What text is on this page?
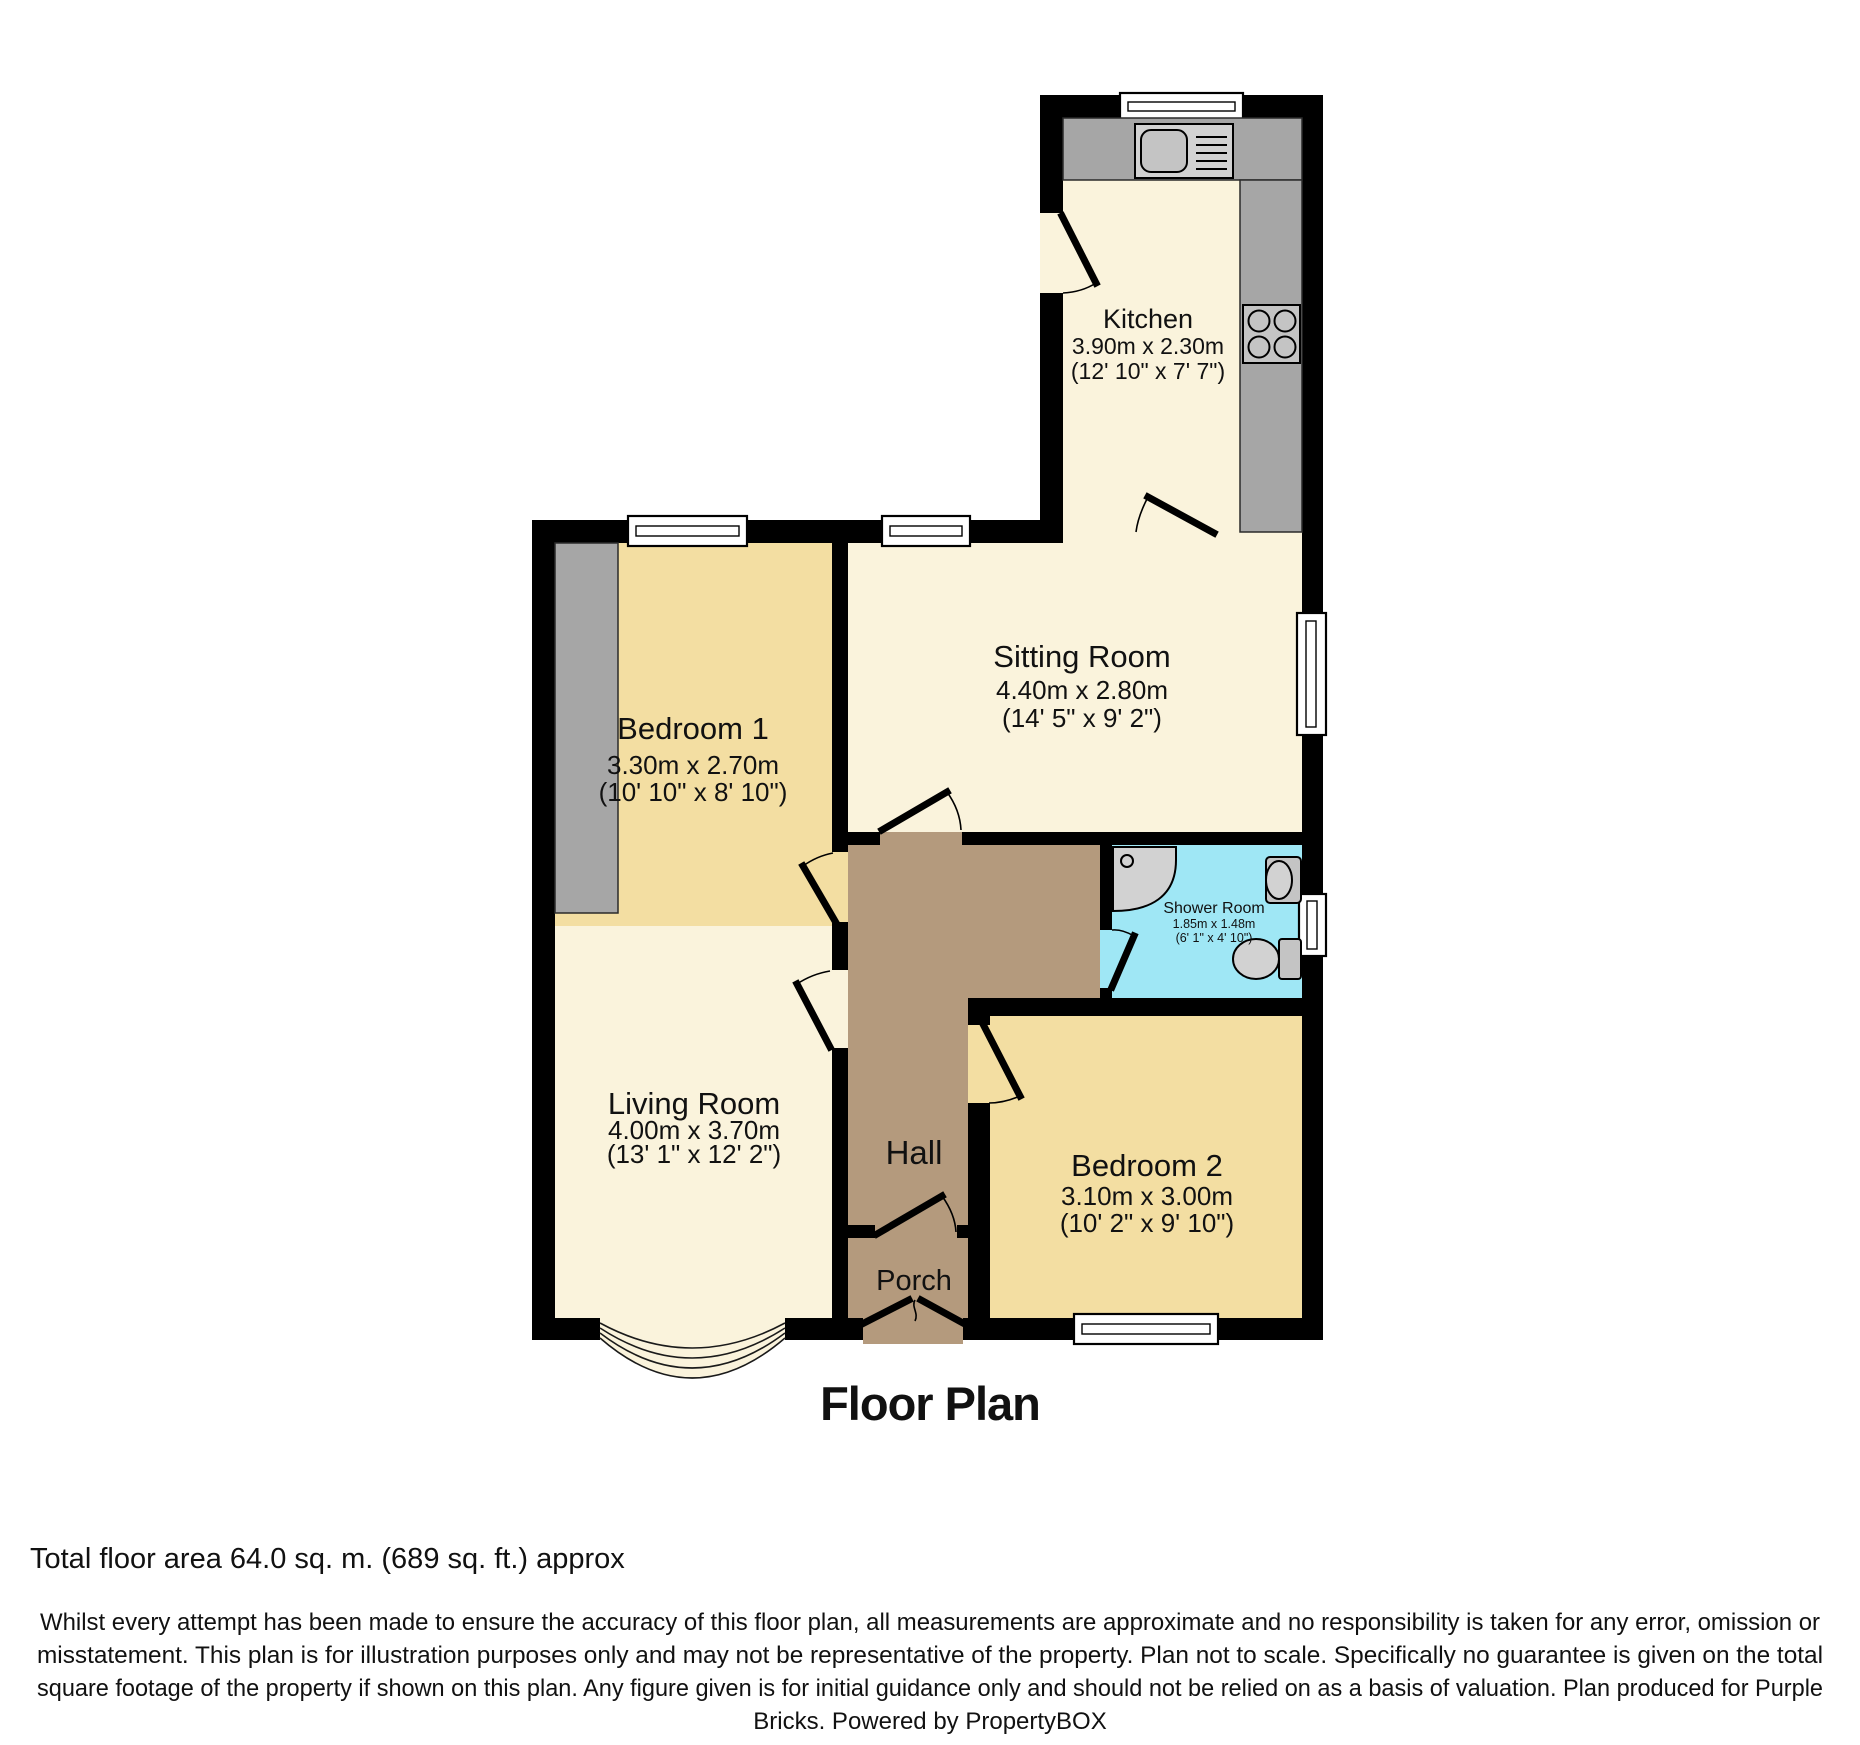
Kitchen
3.90m x 2.30m
(12' 10" x 7' 7")
Sitting Room
4.40m x 2.80m
(14' 5" x 9' 2")
Bedroom 1
3.30m x 2.70m
(10' 10" x 8' 10")
Shower Room
1.85m x 1.48m
(6' 1" x 4' 10")
Living Room
4.00m x 3.70m
(13' 1" x 12' 2")	Hall	Bedroom 2
3.10m x 3.00m
(10' 2" x 9' 10")
Porch
Floor Plan
Total floor area 64.0 sq. m. (689 sq. ft.) approx
Whilst every attempt has been made to ensure the accuracy of this floor plan, all measurements are approximate and no responsibility is taken for any error, omission or
misstatement. This plan is for illustration purposes only and may not be representative of the property. Plan not to scale. Specifically no guarantee is given on the total
square footage of the property if shown on this plan. Any figure given is for initial guidance only and should not be relied on as a basis of valuation. Plan produced for Purple
Bricks. Powered by PropertyBOX
